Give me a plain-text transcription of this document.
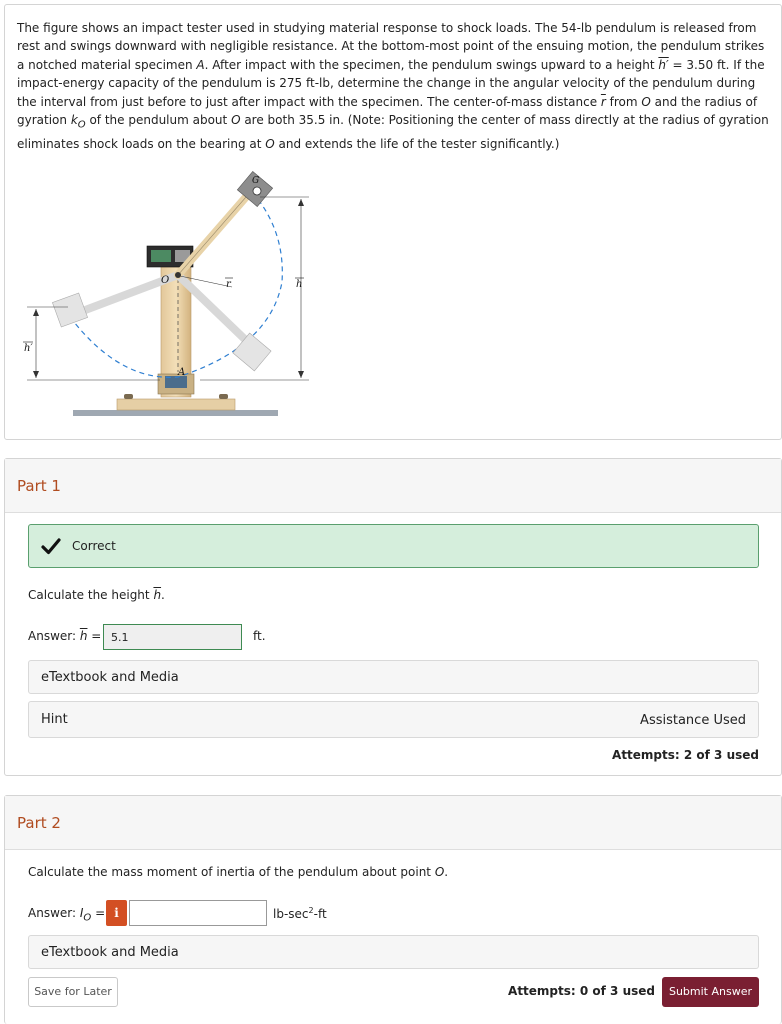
The figure shows an impact tester used in studying material response to shock loads. The 54-lb pendulum is released from rest and swings downward with negligible resistance. At the bottom-most point of the ensuing motion, the pendulum strikes a notched material specimen A. After impact with the specimen, the pendulum swings upward to a height h′ = 3.50 ft. If the impact-energy capacity of the pendulum is 275 ft-lb, determine the change in the angular velocity of the pendulum during the interval from just before to just after impact with the specimen. The center-of-mass distance $\overline{r}$ from O and the radius of gyration $k_O$ of the pendulum about O are both 35.5 in. (Note: Positioning the center of mass directly at the radius of gyration eliminates shock loads on the bearing at O and extends the life of the tester significantly.)
G
O	r
A
h
h′
Part 1
Correct
Calculate the height $\overline{h}$.
Answer: $\overline{h}$ =
5.1	ft.
eTextbook and Media
Hint	Assistance Used
Attempts: 2 of 3 used
Part 2
Calculate the mass moment of inertia of the pendulum about point O.
Answer: $I_O = i$	$lb-\sec^2-ft$
eTextbook and Media
Save for Later	Attempts: 0 of 3 used	Submit Answer
